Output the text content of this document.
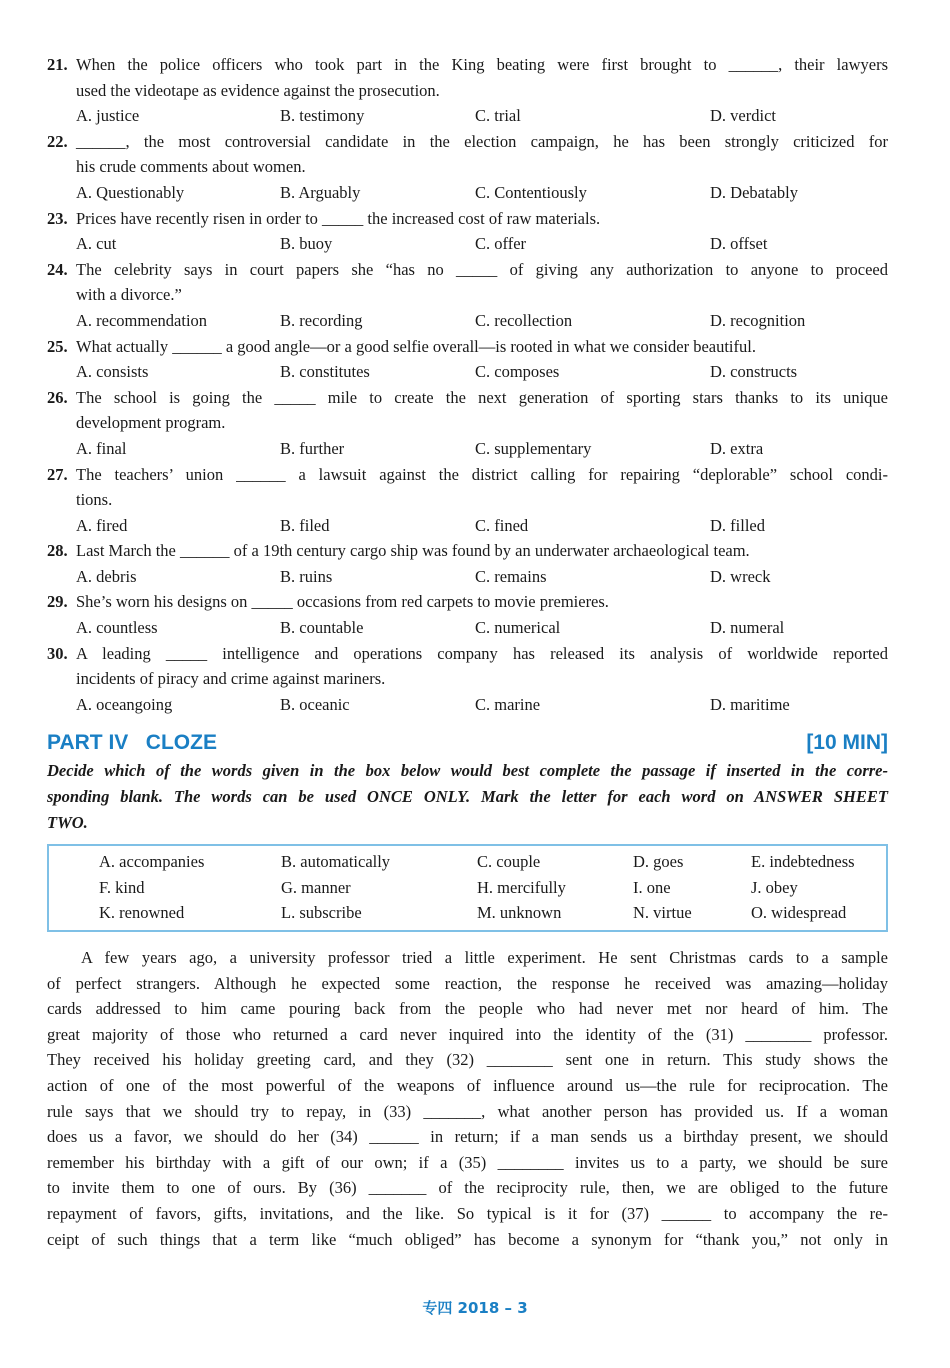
21. When the police officers who took part in the King beating were first brought to ______, their lawyers
used the videotape as evidence against the prosecution.
A. justice	B. testimony	C. trial	D. verdict
22. ______, the most controversial candidate in the election campaign, he has been strongly criticized for
his crude comments about women.
A. Questionably	B. Arguably	C. Contentiously	D. Debatably
23. Prices have recently risen in order to _____ the increased cost of raw materials.
A. cut	B. buoy	C. offer	D. offset
24. The celebrity says in court papers she “has no _____ of giving any authorization to anyone to proceed
with a divorce.”
A. recommendation	B. recording	C. recollection	D. recognition
25. What actually ______ a good angle—or a good selfie overall—is rooted in what we consider beautiful.
A. consists	B. constitutes	C. composes	D. constructs
26. The school is going the _____ mile to create the next generation of sporting stars thanks to its unique
development program.
A. final	B. further	C. supplementary	D. extra
27. The teachers’ union ______ a lawsuit against the district calling for repairing “deplorable” school condi-
tions.
A. fired	B. filed	C. fined	D. filled
28. Last March the ______ of a 19th century cargo ship was found by an underwater archaeological team.
A. debris	B. ruins	C. remains	D. wreck
29. She’s worn his designs on _____ occasions from red carpets to movie premieres.
A. countless	B. countable	C. numerical	D. numeral
30. A leading _____ intelligence and operations company has released its analysis of worldwide reported
incidents of piracy and crime against mariners.
A. oceangoing	B. oceanic	C. marine	D. maritime
PART IV   CLOZE	[10 MIN]
Decide which of the words given in the box below would best complete the passage if inserted in the corre-
sponding blank. The words can be used ONCE ONLY. Mark the letter for each word on ANSWER SHEET
TWO.
A. accompanies	B. automatically	C. couple	D. goes	E. indebtedness
F. kind	G. manner	H. mercifully	I. one	J. obey
K. renowned	L. subscribe	M. unknown	N. virtue	O. widespread
A few years ago, a university professor tried a little experiment. He sent Christmas cards to a sample
of perfect strangers. Although he expected some reaction, the response he received was amazing—holiday
cards addressed to him came pouring back from the people who had never met nor heard of him. The
great majority of those who returned a card never inquired into the identity of the (31) ________ professor.
They received his holiday greeting card, and they (32) ________ sent one in return. This study shows the
action of one of the most powerful of the weapons of influence around us—the rule for reciprocation. The
rule says that we should try to repay, in (33) _______, what another person has provided us. If a woman
does us a favor, we should do her (34) ______ in return; if a man sends us a birthday present, we should
remember his birthday with a gift of our own; if a (35) ________ invites us to a party, we should be sure
to invite them to one of ours. By (36) _______ of the reciprocity rule, then, we are obliged to the future
repayment of favors, gifts, invitations, and the like. So typical is it for (37) ______ to accompany the re-
ceipt of such things that a term like “much obliged” has become a synonym for “thank you,” not only in
专四 2018 – 3
